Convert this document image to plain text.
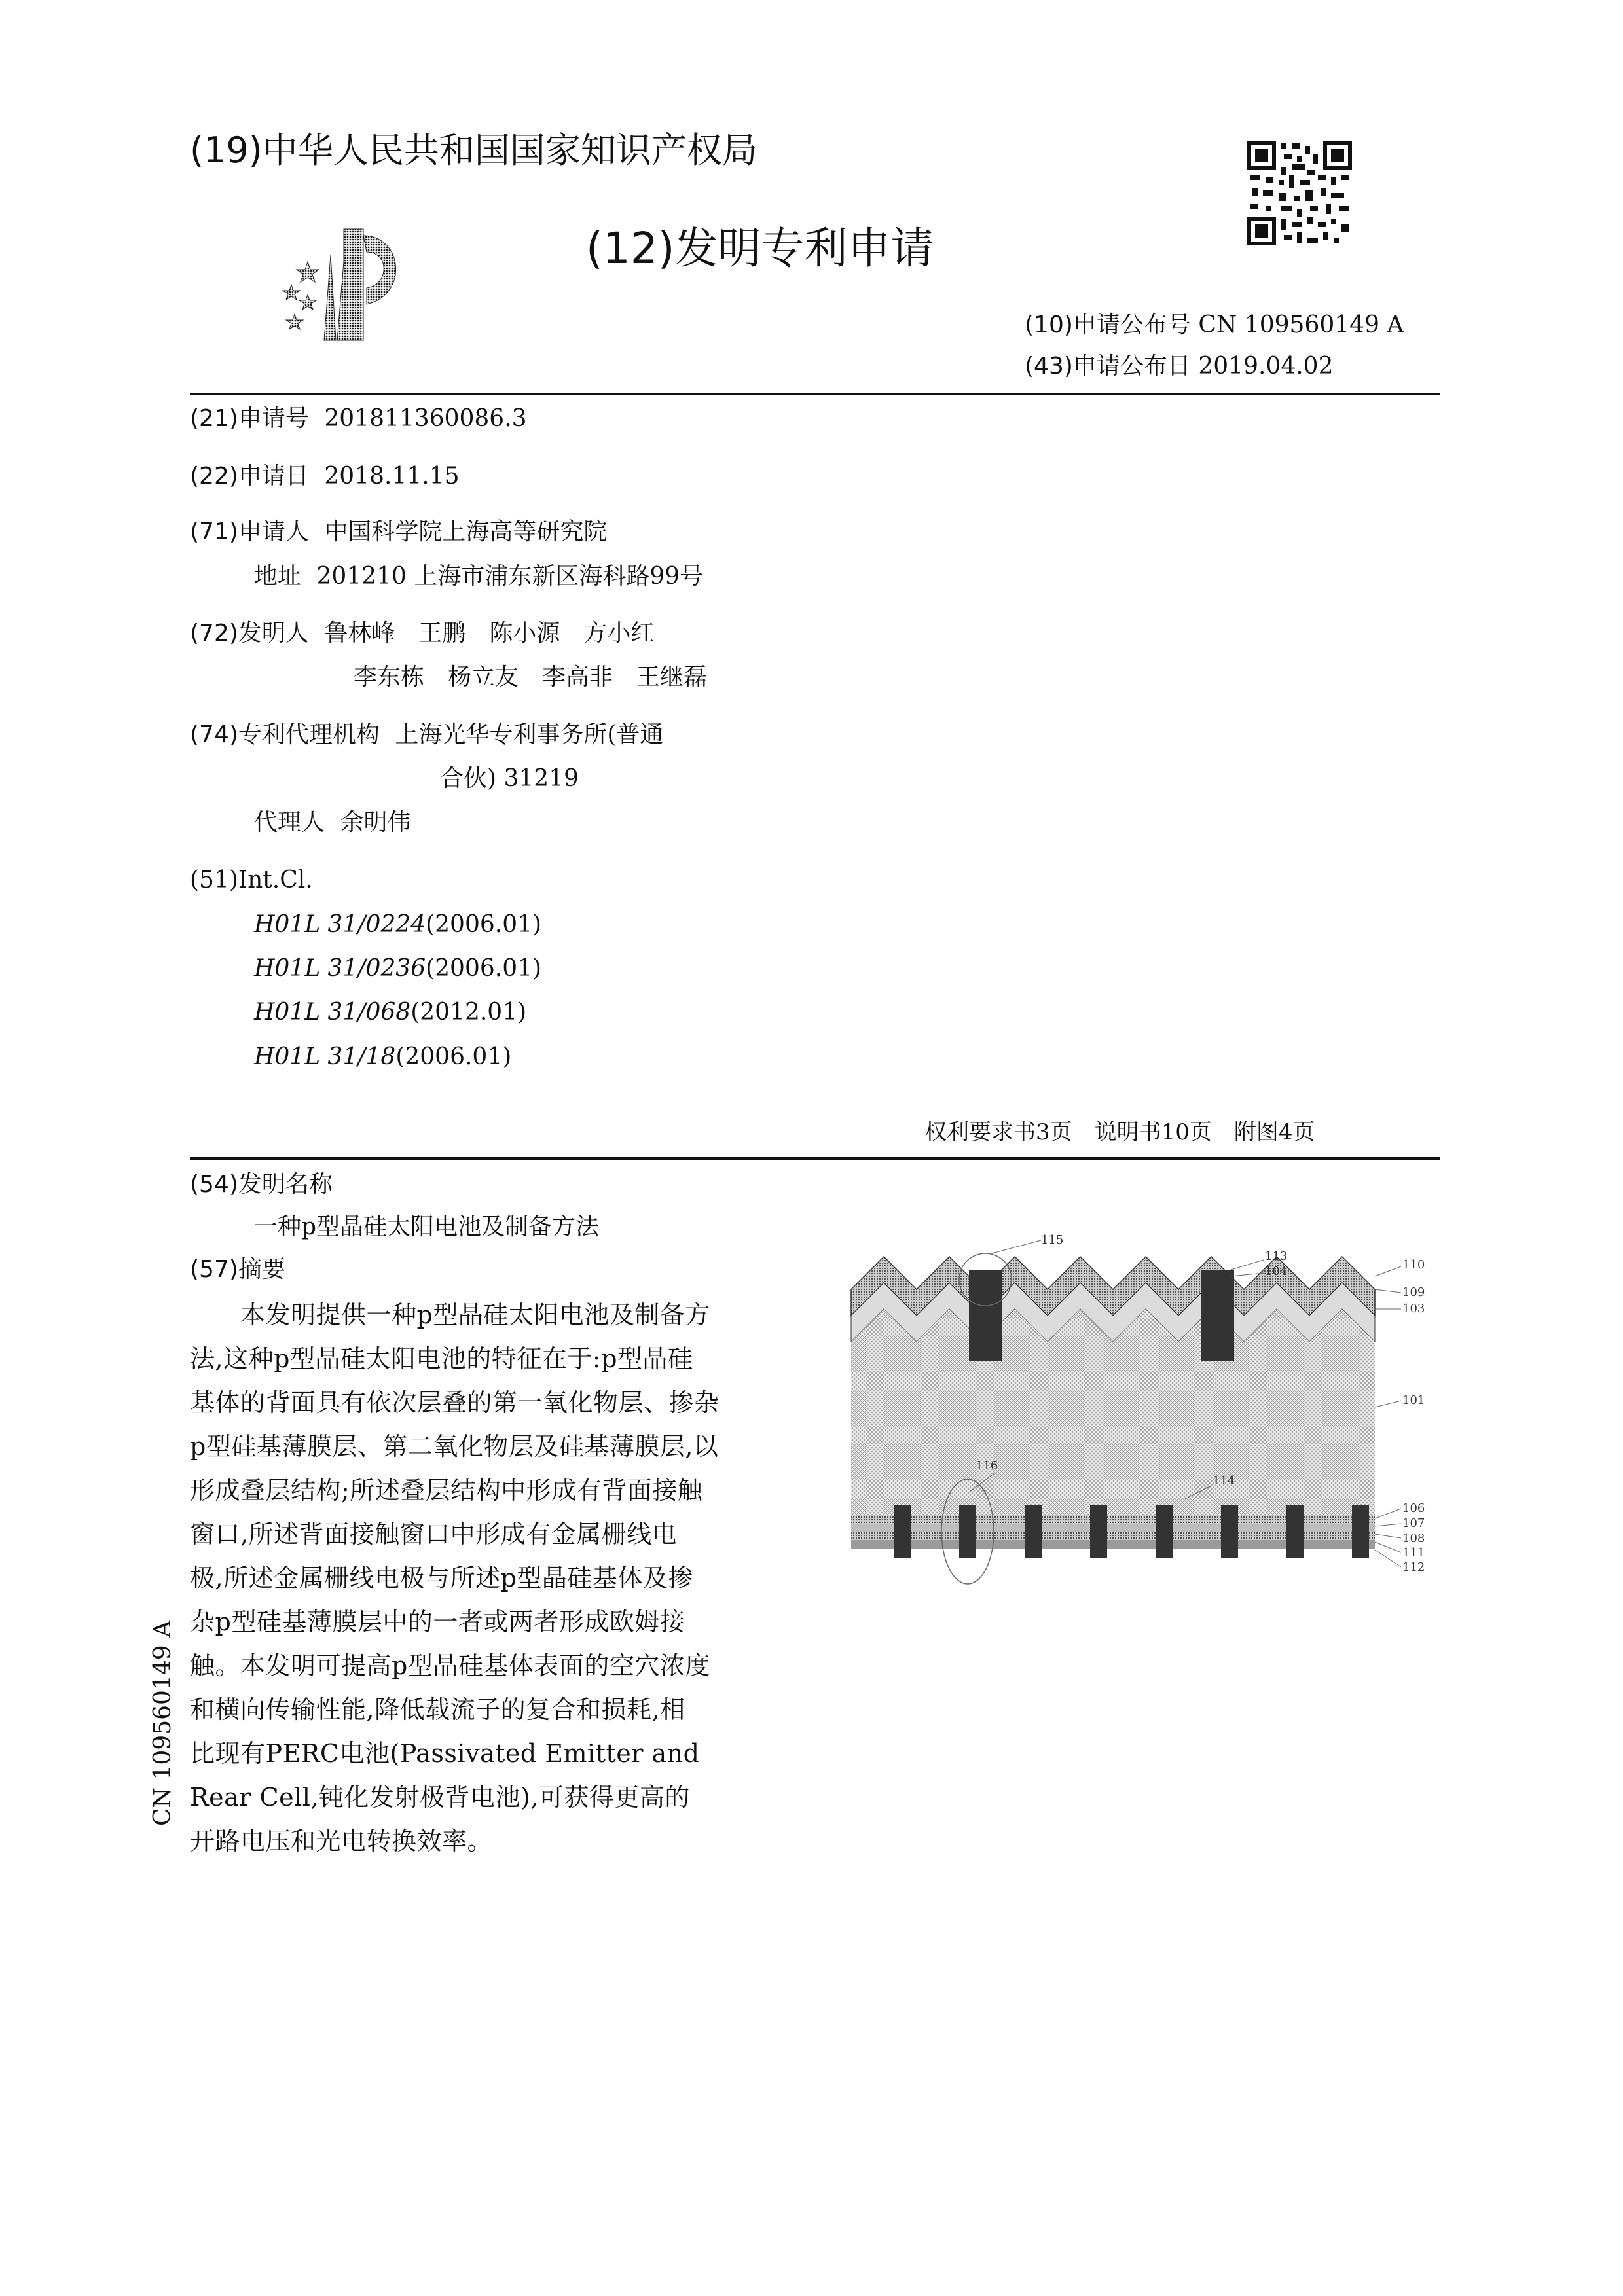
(19)中华人民共和国国家知识产权局
(12)发明专利申请
(10)申请公布号 CN 109560149 A
(43)申请公布日 2019.04.02
(21)申请号 201811360086.3
(22)申请日 2018.11.15
(71)申请人 中国科学院上海高等研究院
地址 201210 上海市浦东新区海科路99号
(72)发明人 鲁林峰　王鹏　陈小源　方小红
李东栋　杨立友　李高非　王继磊
(74)专利代理机构 上海光华专利事务所(普通
合伙) 31219
代理人 余明伟
(51)Int.Cl.
H01L 31/0224(2006.01)
H01L 31/0236(2006.01)
H01L 31/068(2012.01)
H01L 31/18(2006.01)
权利要求书3页　说明书10页　附图4页
(54)发明名称
一种p型晶硅太阳电池及制备方法
(57)摘要

　　本发明提供一种p型晶硅太阳电池及制备方

法,这种p型晶硅太阳电池的特征在于:p型晶硅

基体的背面具有依次层叠的第一氧化物层、掺杂

p型硅基薄膜层、第二氧化物层及硅基薄膜层,以

形成叠层结构;所述叠层结构中形成有背面接触

窗口,所述背面接触窗口中形成有金属栅线电

极,所述金属栅线电极与所述p型晶硅基体及掺

杂p型硅基薄膜层中的一者或两者形成欧姆接

触。本发明可提高p型晶硅基体表面的空穴浓度

和横向传输性能,降低载流子的复合和损耗,相

比现有PERC电池(Passivated Emitter and

Rear Cell,钝化发射极背电池),可获得更高的

开路电压和光电转换效率。

115
113
104	110
109
103
101
116
114
106
107
108
111
112
CN 109560149 A
